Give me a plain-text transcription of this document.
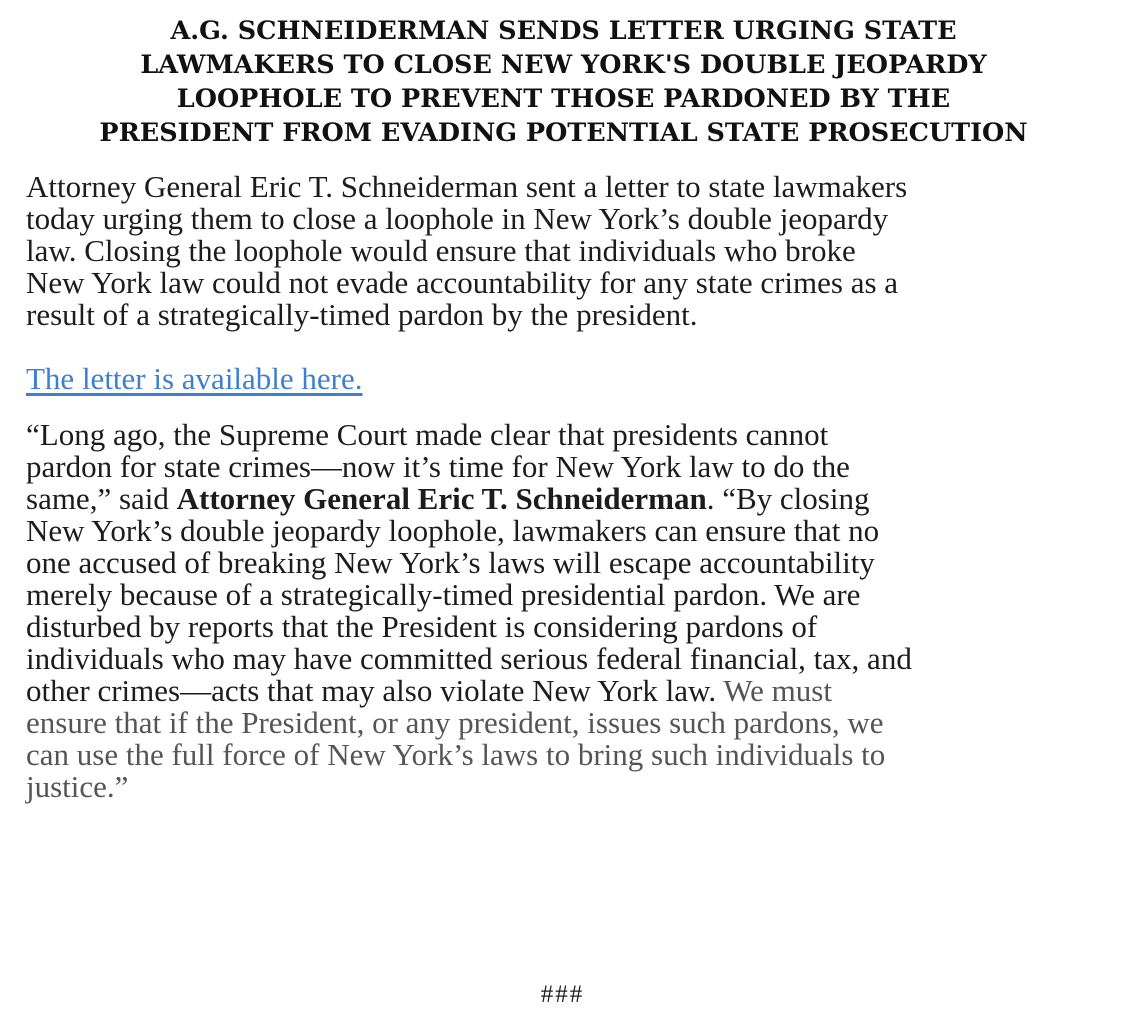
A.G. SCHNEIDERMAN SENDS LETTER URGING STATE
LAWMAKERS TO CLOSE NEW YORK'S DOUBLE JEOPARDY
LOOPHOLE TO PREVENT THOSE PARDONED BY THE
PRESIDENT FROM EVADING POTENTIAL STATE PROSECUTION

Attorney General Eric T. Schneiderman sent a letter to state lawmakers
today urging them to close a loophole in New York’s double jeopardy
law. Closing the loophole would ensure that individuals who broke
New York law could not evade accountability for any state crimes as a
result of a strategically-timed pardon by the president.

The letter is available here.

“Long ago, the Supreme Court made clear that presidents cannot
pardon for state crimes—now it’s time for New York law to do the
same,” said Attorney General Eric T. Schneiderman. “By closing
New York’s double jeopardy loophole, lawmakers can ensure that no
one accused of breaking New York’s laws will escape accountability
merely because of a strategically-timed presidential pardon. We are
disturbed by reports that the President is considering pardons of
individuals who may have committed serious federal financial, tax, and
other crimes—acts that may also violate New York law. We must
ensure that if the President, or any president, issues such pardons, we
can use the full force of New York’s laws to bring such individuals to
justice.”

###
